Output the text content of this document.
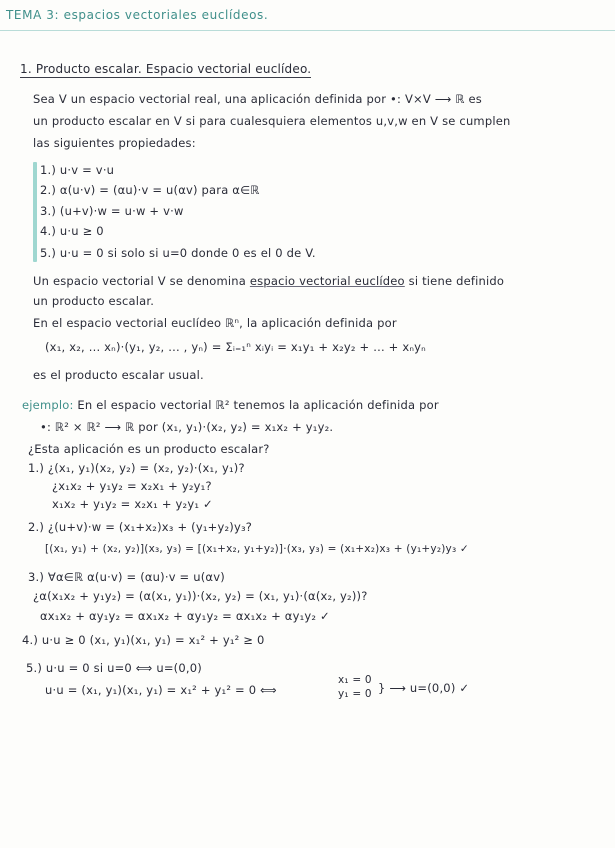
TEMA 3: espacios vectoriales euclídeos.
1. Producto escalar. Espacio vectorial euclídeo.
Sea V un espacio vectorial real, una aplicación definida por •: V×V ⟶ ℝ es
un producto escalar en V si para cualesquiera elementos u,v,w en V se cumplen
las siguientes propiedades:
1.) u·v = v·u
2.) α(u·v) = (αu)·v = u(αv) para α∈ℝ
3.) (u+v)·w = u·w + v·w
4.) u·u ≥ 0
5.) u·u = 0 si solo si u=0 donde 0 es el 0 de V.
Un espacio vectorial V se denomina espacio vectorial euclídeo si tiene definido
un producto escalar.
En el espacio vectorial euclídeo ℝⁿ, la aplicación definida por
(x₁, x₂, ... xₙ)·(y₁, y₂, ... , yₙ) = Σᵢ₌₁ⁿ xᵢyᵢ = x₁y₁ + x₂y₂ + ... + xₙyₙ
es el producto escalar usual.
ejemplo: En el espacio vectorial ℝ² tenemos la aplicación definida por
•: ℝ² × ℝ² ⟶ ℝ por (x₁, y₁)·(x₂, y₂) = x₁x₂ + y₁y₂.
¿Esta aplicación es un producto escalar?
1.) ¿(x₁, y₁)(x₂, y₂) = (x₂, y₂)·(x₁, y₁)?
¿x₁x₂ + y₁y₂ = x₂x₁ + y₂y₁?
x₁x₂ + y₁y₂ = x₂x₁ + y₂y₁ ✓
2.) ¿(u+v)·w = (x₁+x₂)x₃ + (y₁+y₂)y₃?
[(x₁, y₁) + (x₂, y₂)](x₃, y₃) = [(x₁+x₂, y₁+y₂)]·(x₃, y₃) = (x₁+x₂)x₃ + (y₁+y₂)y₃ ✓
3.) ∀α∈ℝ α(u·v) = (αu)·v = u(αv)
¿α(x₁x₂ + y₁y₂) = (α(x₁, y₁))·(x₂, y₂) = (x₁, y₁)·(α(x₂, y₂))?
αx₁x₂ + αy₁y₂ = αx₁x₂ + αy₁y₂ = αx₁x₂ + αy₁y₂ ✓
4.) u·u ≥ 0 (x₁, y₁)(x₁, y₁) = x₁² + y₁² ≥ 0
5.) u·u = 0 si u=0 ⟺ u=(0,0)
u·u = (x₁, y₁)(x₁, y₁) = x₁² + y₁² = 0 ⟺
x₁ = 0
y₁ = 0 } ⟶ u=(0,0) ✓
